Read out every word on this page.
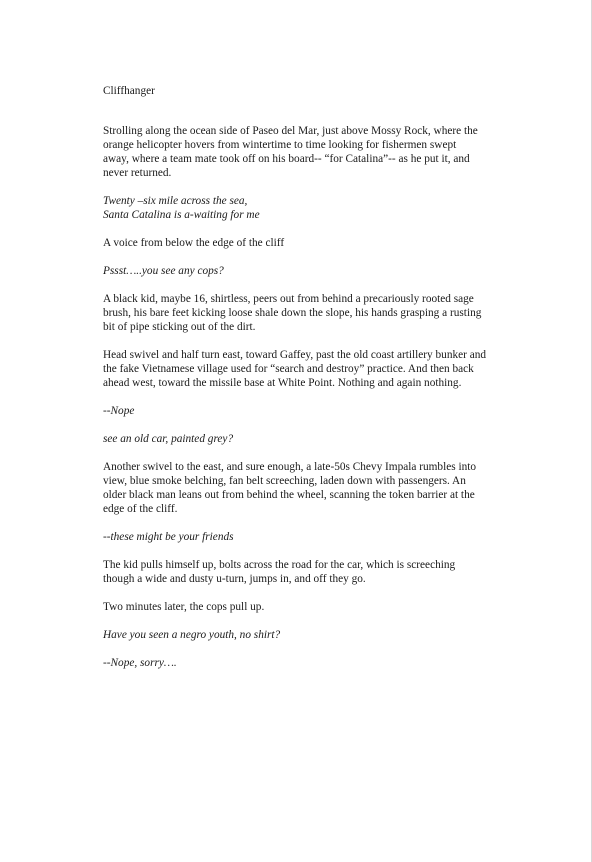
Cliffhanger
Strolling along the ocean side of Paseo del Mar, just above Mossy Rock, where the
orange helicopter hovers from wintertime to time looking for fishermen swept
away, where a team mate took off on his board-- “for Catalina”-- as he put it, and
never returned.
Twenty –six mile across the sea,
Santa Catalina is a-waiting for me
A voice from below the edge of the cliff
Pssst…..you see any cops?
A black kid, maybe 16, shirtless, peers out from behind a precariously rooted sage
brush, his bare feet kicking loose shale down the slope, his hands grasping a rusting
bit of pipe sticking out of the dirt.
Head swivel and half turn east, toward Gaffey, past the old coast artillery bunker and
the fake Vietnamese village used for “search and destroy” practice. And then back
ahead west, toward the missile base at White Point. Nothing and again nothing.
--Nope
see an old car, painted grey?
Another swivel to the east, and sure enough, a late-50s Chevy Impala rumbles into
view, blue smoke belching, fan belt screeching, laden down with passengers. An
older black man leans out from behind the wheel, scanning the token barrier at the
edge of the cliff.
--these might be your friends
The kid pulls himself up, bolts across the road for the car, which is screeching
though a wide and dusty u-turn, jumps in, and off they go.
Two minutes later, the cops pull up.
Have you seen a negro youth, no shirt?
--Nope, sorry….
